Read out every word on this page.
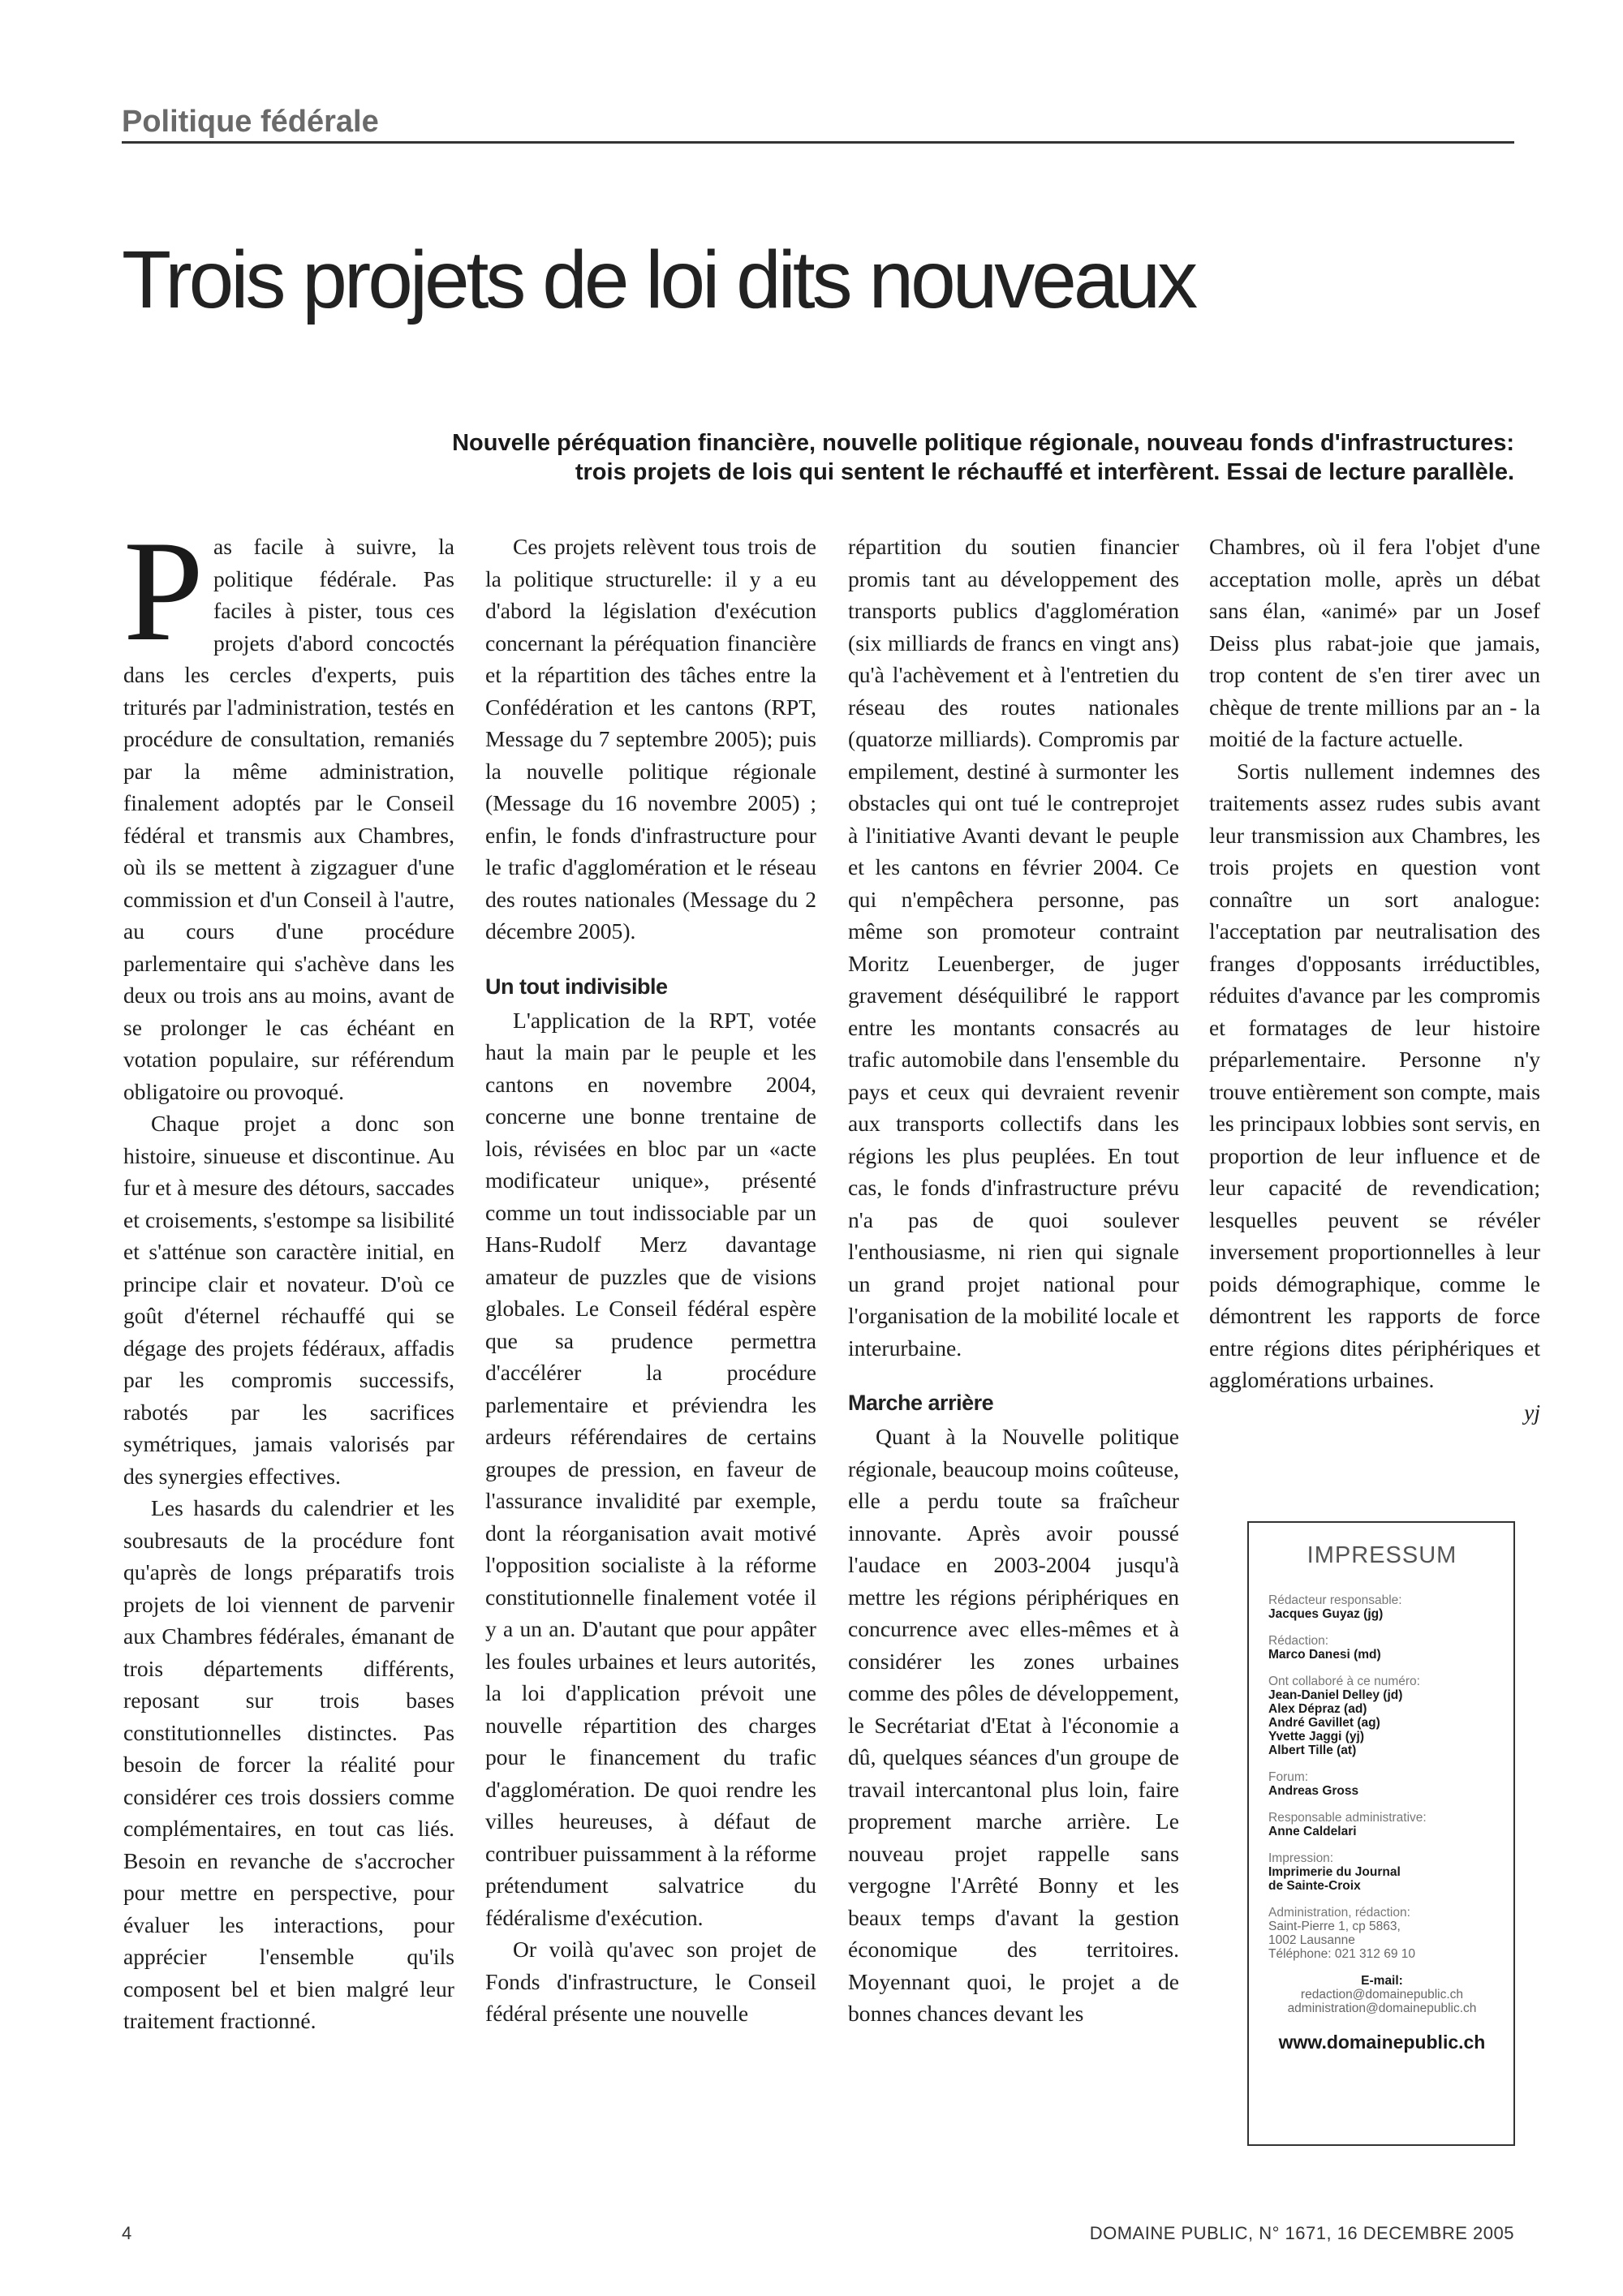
Politique fédérale
Trois projets de loi dits nouveaux
Nouvelle péréquation financière, nouvelle politique régionale, nouveau fonds d'infrastructures:
trois projets de lois qui sentent le réchauffé et interfèrent. Essai de lecture parallèle.

Pas facile à suivre, la politique fédérale. Pas faciles à pister, tous ces projets d'abord concoctés dans les cercles d'experts, puis triturés par l'administration, testés en procédure de consultation, remaniés par la même administration, finalement adoptés par le Conseil fédéral et transmis aux Chambres, où ils se mettent à zigzaguer d'une commission et d'un Conseil à l'autre, au cours d'une procédure parlementaire qui s'achève dans les deux ou trois ans au moins, avant de se prolonger le cas échéant en votation populaire, sur référendum obligatoire ou provoqué.

Chaque projet a donc son histoire, sinueuse et discontinue. Au fur et à mesure des détours, saccades et croisements, s'estompe sa lisibilité et s'atténue son caractère initial, en principe clair et novateur. D'où ce goût d'éternel réchauffé qui se dégage des projets fédéraux, affadis par les compromis successifs, rabotés par les sacrifices symétriques, jamais valorisés par des synergies effectives.

Les hasards du calendrier et les soubresauts de la procédure font qu'après de longs préparatifs trois projets de loi viennent de parvenir aux Chambres fédérales, émanant de trois départements différents, reposant sur trois bases constitutionnelles distinctes. Pas besoin de forcer la réalité pour considérer ces trois dossiers comme complémentaires, en tout cas liés. Besoin en revanche de s'accrocher pour mettre en perspective, pour évaluer les interactions, pour apprécier l'ensemble qu'ils composent bel et bien malgré leur traitement fractionné.

Ces projets relèvent tous trois de la politique structurelle: il y a eu d'abord la législation d'exécution concernant la péréquation financière et la répartition des tâches entre la Confédération et les cantons (RPT, Message du 7 septembre 2005); puis la nouvelle politique régionale (Message du 16 novembre 2005) ; enfin, le fonds d'infrastructure pour le trafic d'agglomération et le réseau des routes nationales (Message du 2 décembre 2005).

Un tout indivisible

L'application de la RPT, votée haut la main par le peuple et les cantons en novembre 2004, concerne une bonne trentaine de lois, révisées en bloc par un «acte modificateur unique», présenté comme un tout indissociable par un Hans-Rudolf Merz davantage amateur de puzzles que de visions globales. Le Conseil fédéral espère que sa prudence permettra d'accélérer la procédure parlementaire et préviendra les ardeurs référendaires de certains groupes de pression, en faveur de l'assurance invalidité par exemple, dont la réorganisation avait motivé l'opposition socialiste à la réforme constitutionnelle finalement votée il y a un an. D'autant que pour appâter les foules urbaines et leurs autorités, la loi d'application prévoit une nouvelle répartition des charges pour le financement du trafic d'agglomération. De quoi rendre les villes heureuses, à défaut de contribuer puissamment à la réforme prétendument salvatrice du fédéralisme d'exécution.

Or voilà qu'avec son projet de Fonds d'infrastructure, le Conseil fédéral présente une nouvelle

répartition du soutien financier promis tant au développement des transports publics d'agglomération (six milliards de francs en vingt ans) qu'à l'achèvement et à l'entretien du réseau des routes nationales (quatorze milliards). Compromis par empilement, destiné à surmonter les obstacles qui ont tué le contreprojet à l'initiative Avanti devant le peuple et les cantons en février 2004. Ce qui n'empêchera personne, pas même son promoteur contraint Moritz Leuenberger, de juger gravement déséquilibré le rapport entre les montants consacrés au trafic automobile dans l'ensemble du pays et ceux qui devraient revenir aux transports collectifs dans les régions les plus peuplées. En tout cas, le fonds d'infrastructure prévu n'a pas de quoi soulever l'enthousiasme, ni rien qui signale un grand projet national pour l'organisation de la mobilité locale et interurbaine.

Marche arrière

Quant à la Nouvelle politique régionale, beaucoup moins coûteuse, elle a perdu toute sa fraîcheur innovante. Après avoir poussé l'audace en 2003-2004 jusqu'à mettre les régions périphériques en concurrence avec elles-mêmes et à considérer les zones urbaines comme des pôles de développement, le Secrétariat d'Etat à l'économie a dû, quelques séances d'un groupe de travail intercantonal plus loin, faire proprement marche arrière. Le nouveau projet rappelle sans vergogne l'Arrêté Bonny et les beaux temps d'avant la gestion économique des territoires. Moyennant quoi, le projet a de bonnes chances devant les

Chambres, où il fera l'objet d'une acceptation molle, après un débat sans élan, «animé» par un Josef Deiss plus rabat-joie que jamais, trop content de s'en tirer avec un chèque de trente millions par an - la moitié de la facture actuelle.

Sortis nullement indemnes des traitements assez rudes subis avant leur transmission aux Chambres, les trois projets en question vont connaître un sort analogue: l'acceptation par neutralisation des franges d'opposants irréductibles, réduites d'avance par les compromis et formatages de leur histoire préparlementaire. Personne n'y trouve entièrement son compte, mais les principaux lobbies sont servis, en proportion de leur influence et de leur capacité de revendication; lesquelles peuvent se révéler inversement proportionnelles à leur poids démographique, comme le démontrent les rapports de force entre régions dites périphériques et agglomérations urbaines.

yj

IMPRESSUM
Rédacteur responsable:
Jacques Guyaz (jg)
Rédaction:
Marco Danesi (md)
Ont collaboré à ce numéro:
Jean-Daniel Delley (jd)
Alex Dépraz (ad)
André Gavillet (ag)
Yvette Jaggi (yj)
Albert Tille (at)
Forum:
Andreas Gross
Responsable administrative:
Anne Caldelari
Impression:
Imprimerie du Journal
de Sainte-Croix
Administration, rédaction:
Saint-Pierre 1, cp 5863,
1002 Lausanne
Téléphone: 021 312 69 10
E-mail:
redaction@domainepublic.ch
administration@domainepublic.ch
www.domainepublic.ch
4	DOMAINE PUBLIC, N° 1671, 16 DECEMBRE 2005
